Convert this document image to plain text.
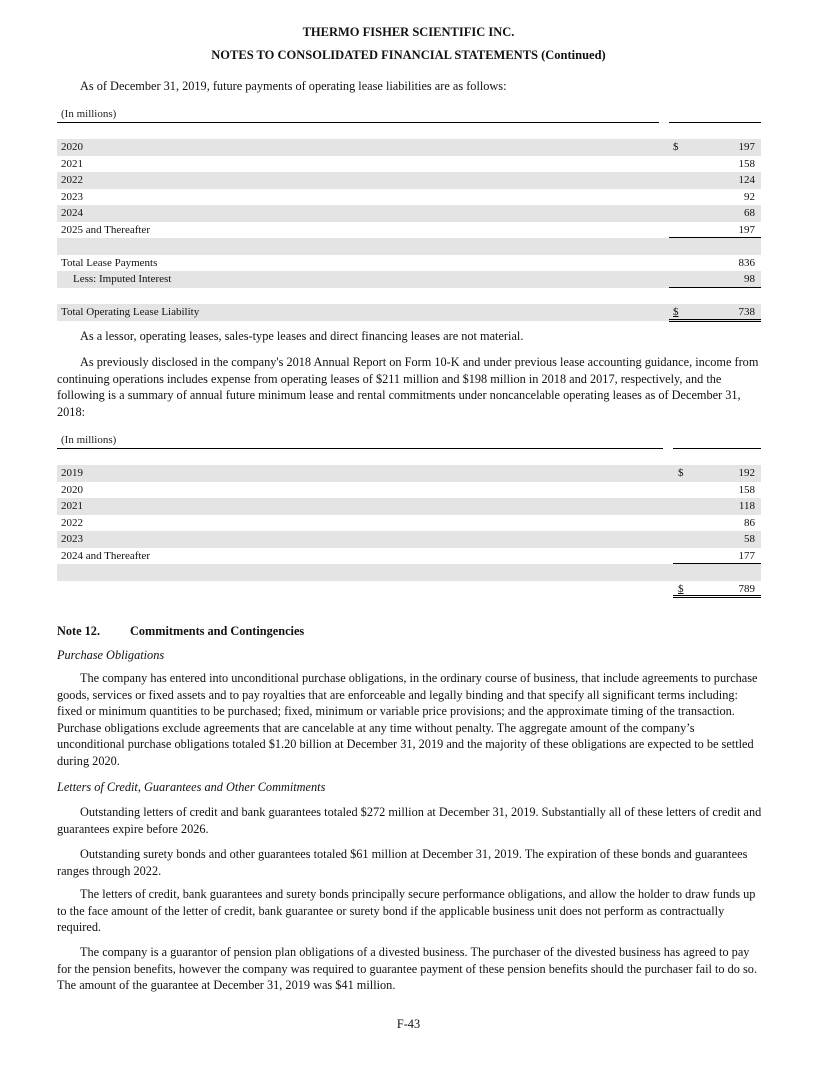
THERMO FISHER SCIENTIFIC INC.
NOTES TO CONSOLIDATED FINANCIAL STATEMENTS (Continued)

As of December 31, 2019, future payments of operating lease liabilities are as follows:

(In millions)
2020	$	197
2021	158
2022	124
2023	92
2024	68
2025 and Thereafter	197
Total Lease Payments	836
Less: Imputed Interest	98
Total Operating Lease Liability	$	738

As a lessor, operating leases, sales-type leases and direct financing leases are not material.

As previously disclosed in the company's 2018 Annual Report on Form 10-K and under previous lease accounting guidance, income from continuing operations includes expense from operating leases of $211 million and $198 million in 2018 and 2017, respectively, and the following is a summary of annual future minimum lease and rental commitments under noncancelable operating leases as of December 31, 2018:

(In millions)
2019	$	192
2020	158
2021	118
2022	86
2023	58
2024 and Thereafter	177
$	789
Note 12. Commitments and Contingencies
Purchase Obligations

The company has entered into unconditional purchase obligations, in the ordinary course of business, that include agreements to purchase goods, services or fixed assets and to pay royalties that are enforceable and legally binding and that specify all significant terms including: fixed or minimum quantities to be purchased; fixed, minimum or variable price provisions; and the approximate timing of the transaction. Purchase obligations exclude agreements that are cancelable at any time without penalty. The aggregate amount of the company’s unconditional purchase obligations totaled $1.20 billion at December 31, 2019 and the majority of these obligations are expected to be settled during 2020.

Letters of Credit, Guarantees and Other Commitments

Outstanding letters of credit and bank guarantees totaled $272 million at December 31, 2019. Substantially all of these letters of credit and guarantees expire before 2026.

Outstanding surety bonds and other guarantees totaled $61 million at December 31, 2019. The expiration of these bonds and guarantees ranges through 2022.

The letters of credit, bank guarantees and surety bonds principally secure performance obligations, and allow the holder to draw funds up to the face amount of the letter of credit, bank guarantee or surety bond if the applicable business unit does not perform as contractually required.

The company is a guarantor of pension plan obligations of a divested business. The purchaser of the divested business has agreed to pay for the pension benefits, however the company was required to guarantee payment of these pension benefits should the purchaser fail to do so. The amount of the guarantee at December 31, 2019 was $41 million.

F-43
